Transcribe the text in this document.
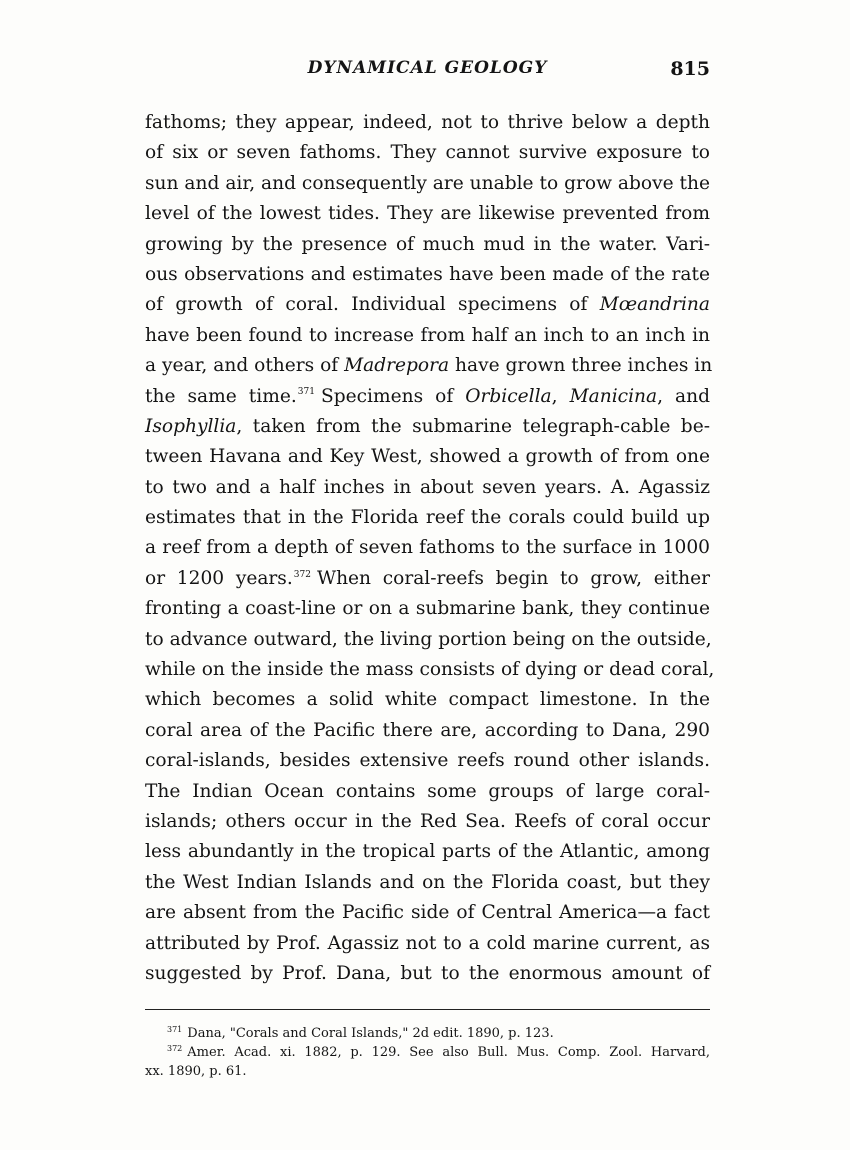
DYNAMICAL GEOLOGY	815
fathoms; they appear, indeed, not to thrive below a depth
of six or seven fathoms. They cannot survive exposure to
sun and air, and consequently are unable to grow above the
level of the lowest tides. They are likewise prevented from
growing by the presence of much mud in the water. Vari-
ous observations and estimates have been made of the rate
of growth of coral. Individual specimens of Mœandrina
have been found to increase from half an inch to an inch in
a year, and others of Madrepora have grown three inches in
the same time.$^{371}$ Specimens of Orbicella, Manicina, and
Isophyllia, taken from the submarine telegraph-cable be-
tween Havana and Key West, showed a growth of from one
to two and a half inches in about seven years. A. Agassiz
estimates that in the Florida reef the corals could build up
a reef from a depth of seven fathoms to the surface in 1000
or 1200 years.$^{372}$ When coral-reefs begin to grow, either
fronting a coast-line or on a submarine bank, they continue
to advance outward, the living portion being on the outside,
while on the inside the mass consists of dying or dead coral,
which becomes a solid white compact limestone. In the
coral area of the Pacific there are, according to Dana, 290
coral-islands, besides extensive reefs round other islands.
The Indian Ocean contains some groups of large coral-
islands; others occur in the Red Sea. Reefs of coral occur
less abundantly in the tropical parts of the Atlantic, among
the West Indian Islands and on the Florida coast, but they
are absent from the Pacific side of Central America—a fact
attributed by Prof. Agassiz not to a cold marine current, as
suggested by Prof. Dana, but to the enormous amount of
$^{371}$ Dana, "Corals and Coral Islands," 2d edit. 1890, p. 123.
$^{372}$ Amer. Acad. xi. 1882, p. 129. See also Bull. Mus. Comp. Zool. Harvard,
xx. 1890, p. 61.
